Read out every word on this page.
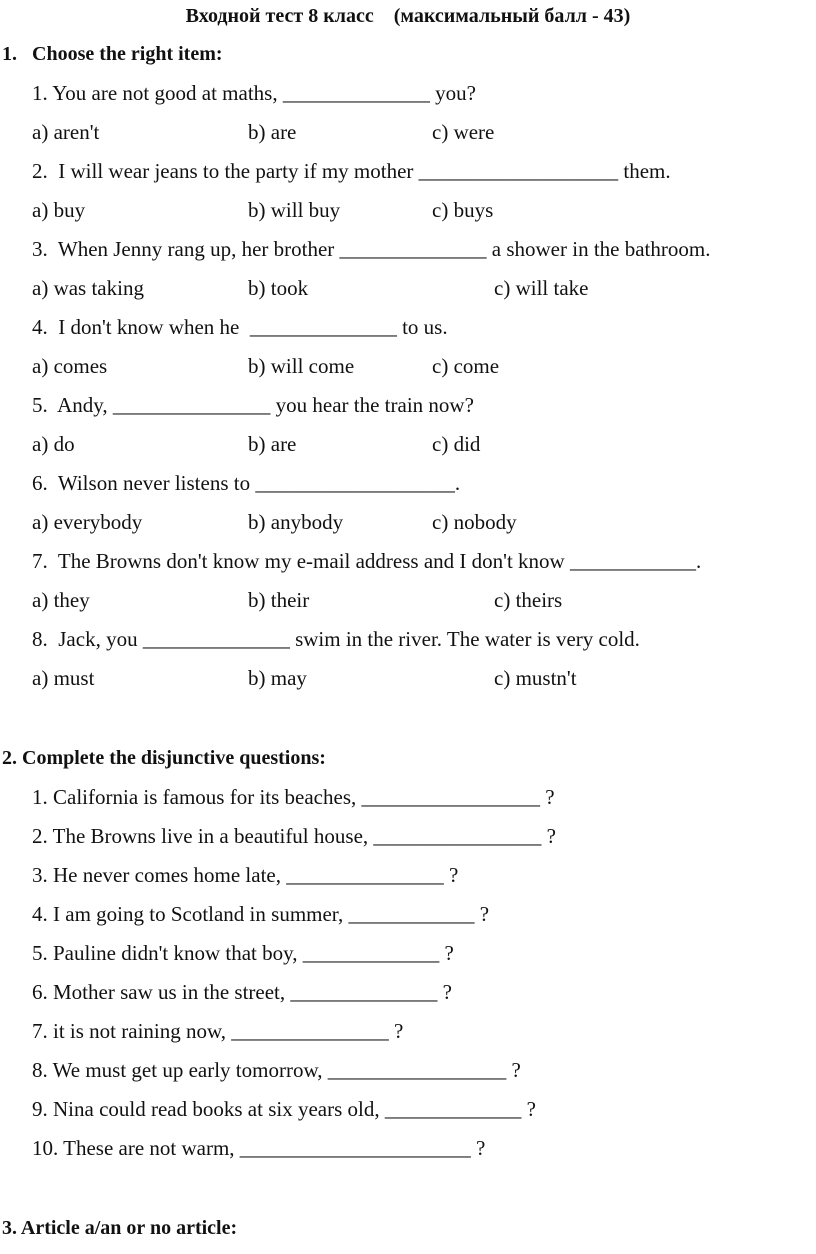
Входной тест 8 класс    (максимальный балл - 43)
1.   Choose the right item:
1. You are not good at maths, ______________ you?
a) aren't	b) are	c) were
2.  I will wear jeans to the party if my mother ___________________ them.
a) buy	b) will buy	c) buys
3.  When Jenny rang up, her brother ______________ a shower in the bathroom.
a) was taking	b) took	c) will take
4.  I don't know when he  ______________ to us.
a) comes	b) will come	c) come
5.  Andy, _______________ you hear the train now?
a) do	b) are	c) did
6.  Wilson never listens to ___________________.
a) everybody	b) anybody	c) nobody
7.  The Browns don't know my e-mail address and I don't know ____________.
a) they	b) their	c) theirs
8.  Jack, you ______________ swim in the river. The water is very cold.
a) must	b) may	c) mustn't
2. Complete the disjunctive questions:
1. California is famous for its beaches, _________________ ?
2. The Browns live in a beautiful house, ________________ ?
3. He never comes home late, _______________ ?
4. I am going to Scotland in summer, ____________ ?
5. Pauline didn't know that boy, _____________ ?
6. Mother saw us in the street, ______________ ?
7. it is not raining now, _______________ ?
8. We must get up early tomorrow, _________________ ?
9. Nina could read books at six years old, _____________ ?
10. These are not warm, ______________________ ?
3. Article a/an or no article:
